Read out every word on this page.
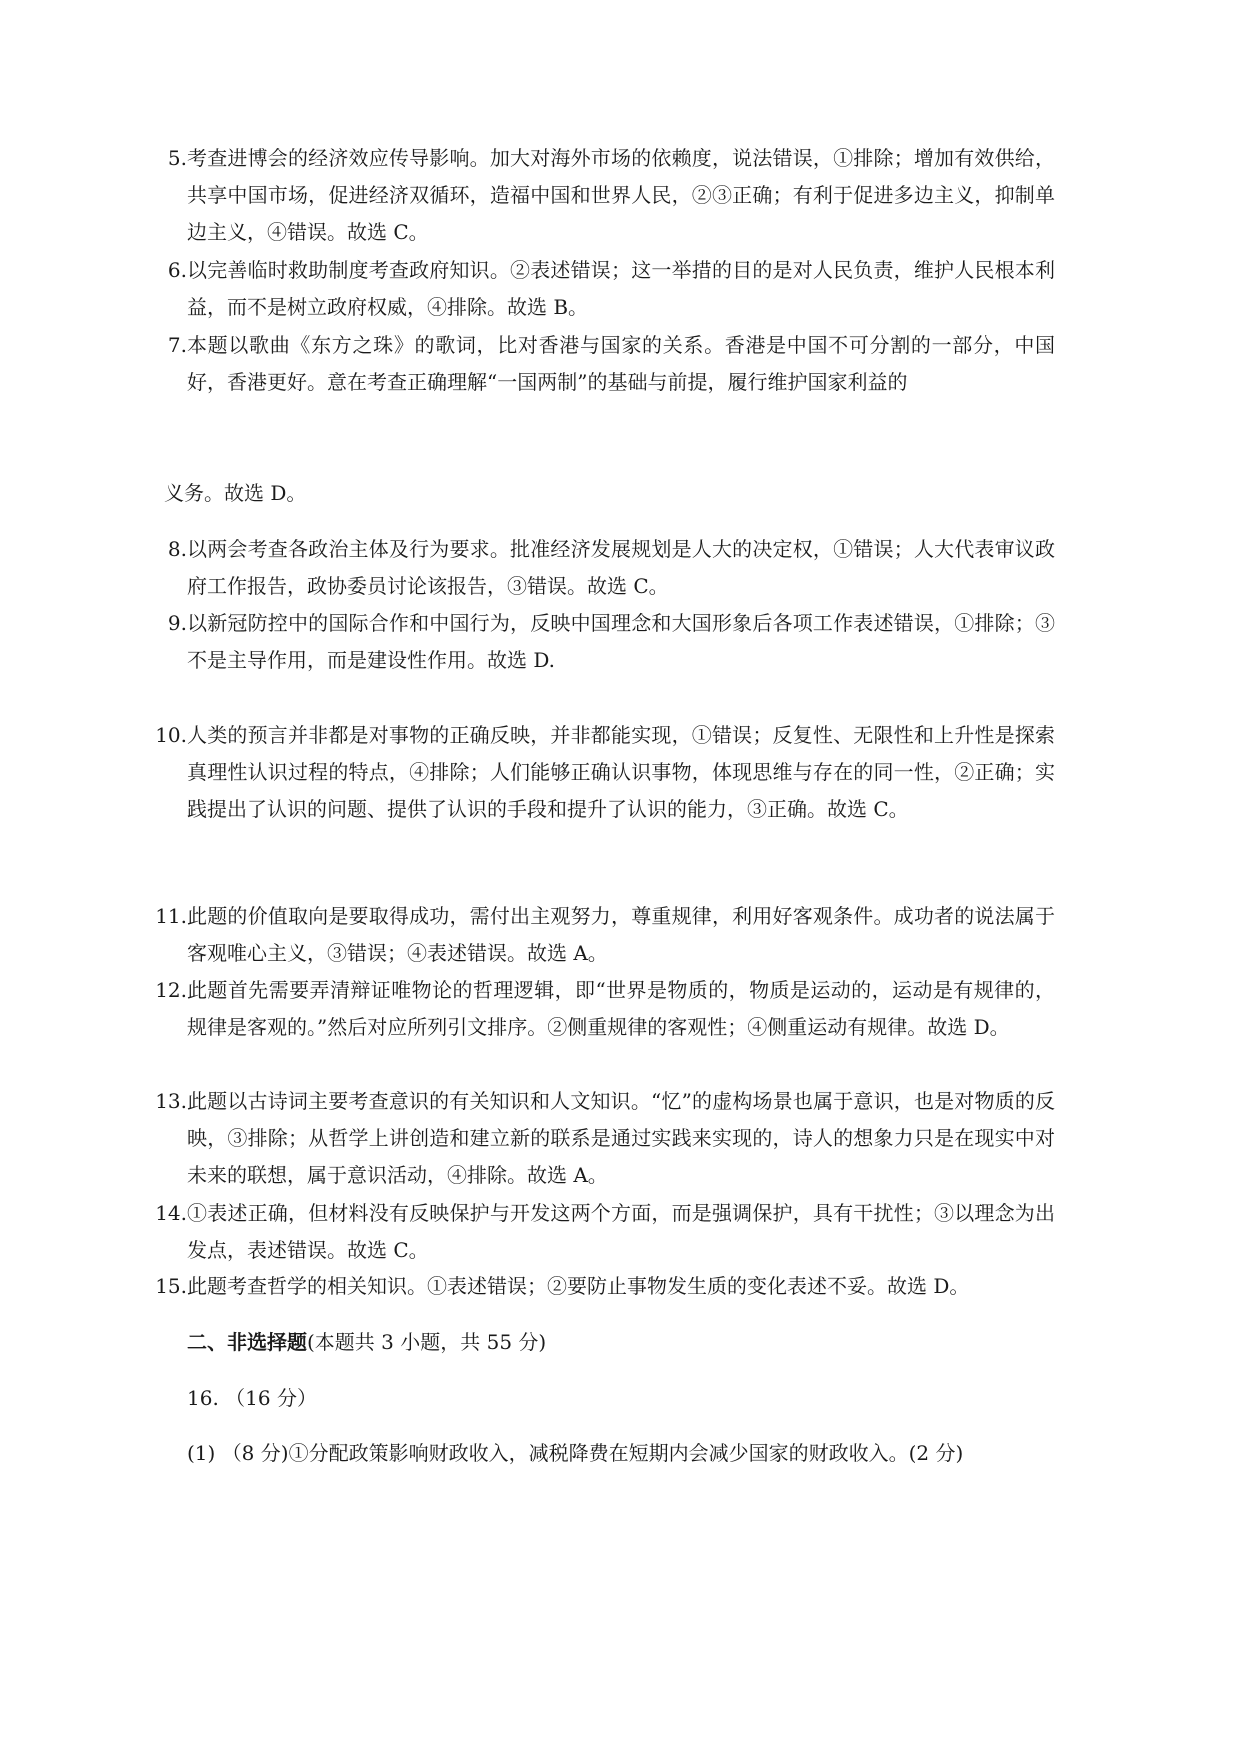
5. 考查进博会的经济效应传导影响。加大对海外市场的依赖度，说法错误，①排除；增加有效供给，共享中国市场，促进经济双循环，造福中国和世界人民，②③正确；有利于促进多边主义，抑制单边主义，④错误。故选 C。
6. 以完善临时救助制度考查政府知识。②表述错误；这一举措的目的是对人民负责，维护人民根本利益，而不是树立政府权威，④排除。故选 B。
7. 本题以歌曲《东方之珠》的歌词，比对香港与国家的关系。香港是中国不可分割的一部分，中国好，香港更好。意在考查正确理解“一国两制”的基础与前提，履行维护国家利益的
义务。故选 D。
8. 以两会考查各政治主体及行为要求。批准经济发展规划是人大的决定权，①错误；人大代表审议政府工作报告，政协委员讨论该报告，③错误。故选 C。
9. 以新冠防控中的国际合作和中国行为，反映中国理念和大国形象后各项工作表述错误，①排除；③不是主导作用，而是建设性作用。故选 D.
10. 人类的预言并非都是对事物的正确反映，并非都能实现，①错误；反复性、无限性和上升性是探索真理性认识过程的特点，④排除；人们能够正确认识事物，体现思维与存在的同一性，②正确；实践提出了认识的问题、提供了认识的手段和提升了认识的能力，③正确。故选 C。
11. 此题的价值取向是要取得成功，需付出主观努力，尊重规律，利用好客观条件。成功者的说法属于客观唯心主义，③错误；④表述错误。故选 A。
12. 此题首先需要弄清辩证唯物论的哲理逻辑，即“世界是物质的，物质是运动的，运动是有规律的，规律是客观的。”然后对应所列引文排序。②侧重规律的客观性；④侧重运动有规律。故选 D。
13. 此题以古诗词主要考查意识的有关知识和人文知识。“忆”的虚构场景也属于意识，也是对物质的反映，③排除；从哲学上讲创造和建立新的联系是通过实践来实现的，诗人的想象力只是在现实中对未来的联想，属于意识活动，④排除。故选 A。
14. ①表述正确，但材料没有反映保护与开发这两个方面，而是强调保护，具有干扰性；③以理念为出发点，表述错误。故选 C。
15. 此题考查哲学的相关知识。①表述错误；②要防止事物发生质的变化表述不妥。故选 D。
二、非选择题(本题共 3 小题，共 55 分)
16. （16 分）
(1) （8 分)①分配政策影响财政收入，减税降费在短期内会减少国家的财政收入。(2 分)
